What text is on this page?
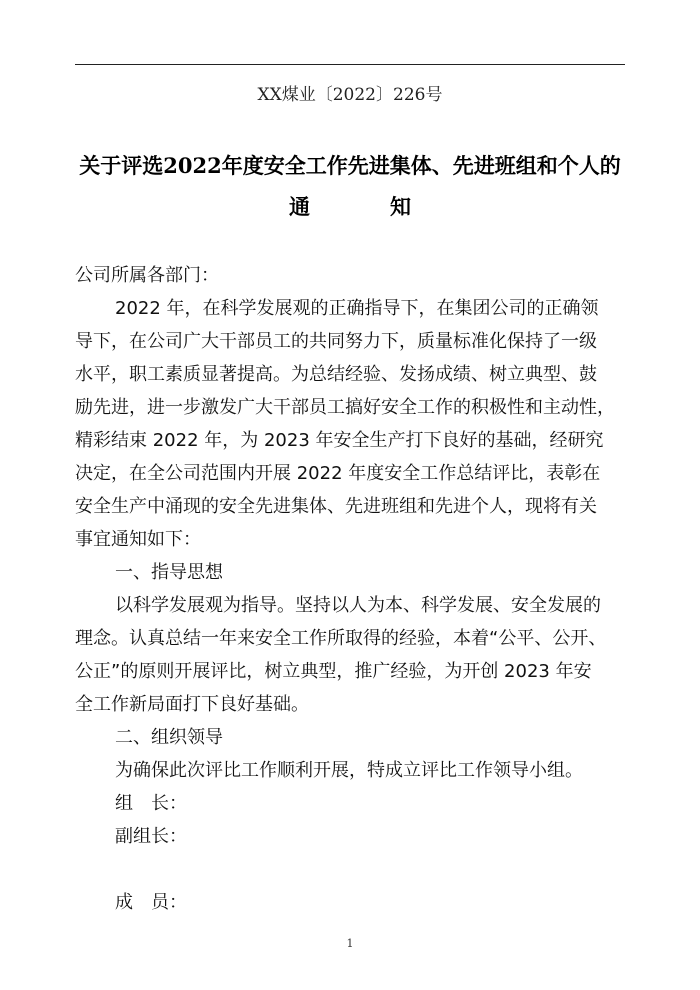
XX煤业〔2022〕226号
关于评选2022年度安全工作先进集体、先进班组和个人的
通	知

公司所属各部门：

2022 年，在科学发展观的正确指导下，在集团公司的正确领

导下，在公司广大干部员工的共同努力下，质量标准化保持了一级

水平，职工素质显著提高。为总结经验、发扬成绩、树立典型、鼓

励先进，进一步激发广大干部员工搞好安全工作的积极性和主动性，

精彩结束 2022 年，为 2023 年安全生产打下良好的基础，经研究

决定，在全公司范围内开展 2022 年度安全工作总结评比，表彰在

安全生产中涌现的安全先进集体、先进班组和先进个人，现将有关

事宜通知如下：

一、指导思想

以科学发展观为指导。坚持以人为本、科学发展、安全发展的

理念。认真总结一年来安全工作所取得的经验，本着“公平、公开、

公正”的原则开展评比，树立典型，推广经验，为开创 2023 年安

全工作新局面打下良好基础。

二、组织领导

为确保此次评比工作顺利开展，特成立评比工作领导小组。

组　长：

副组长：

成　员：

1
